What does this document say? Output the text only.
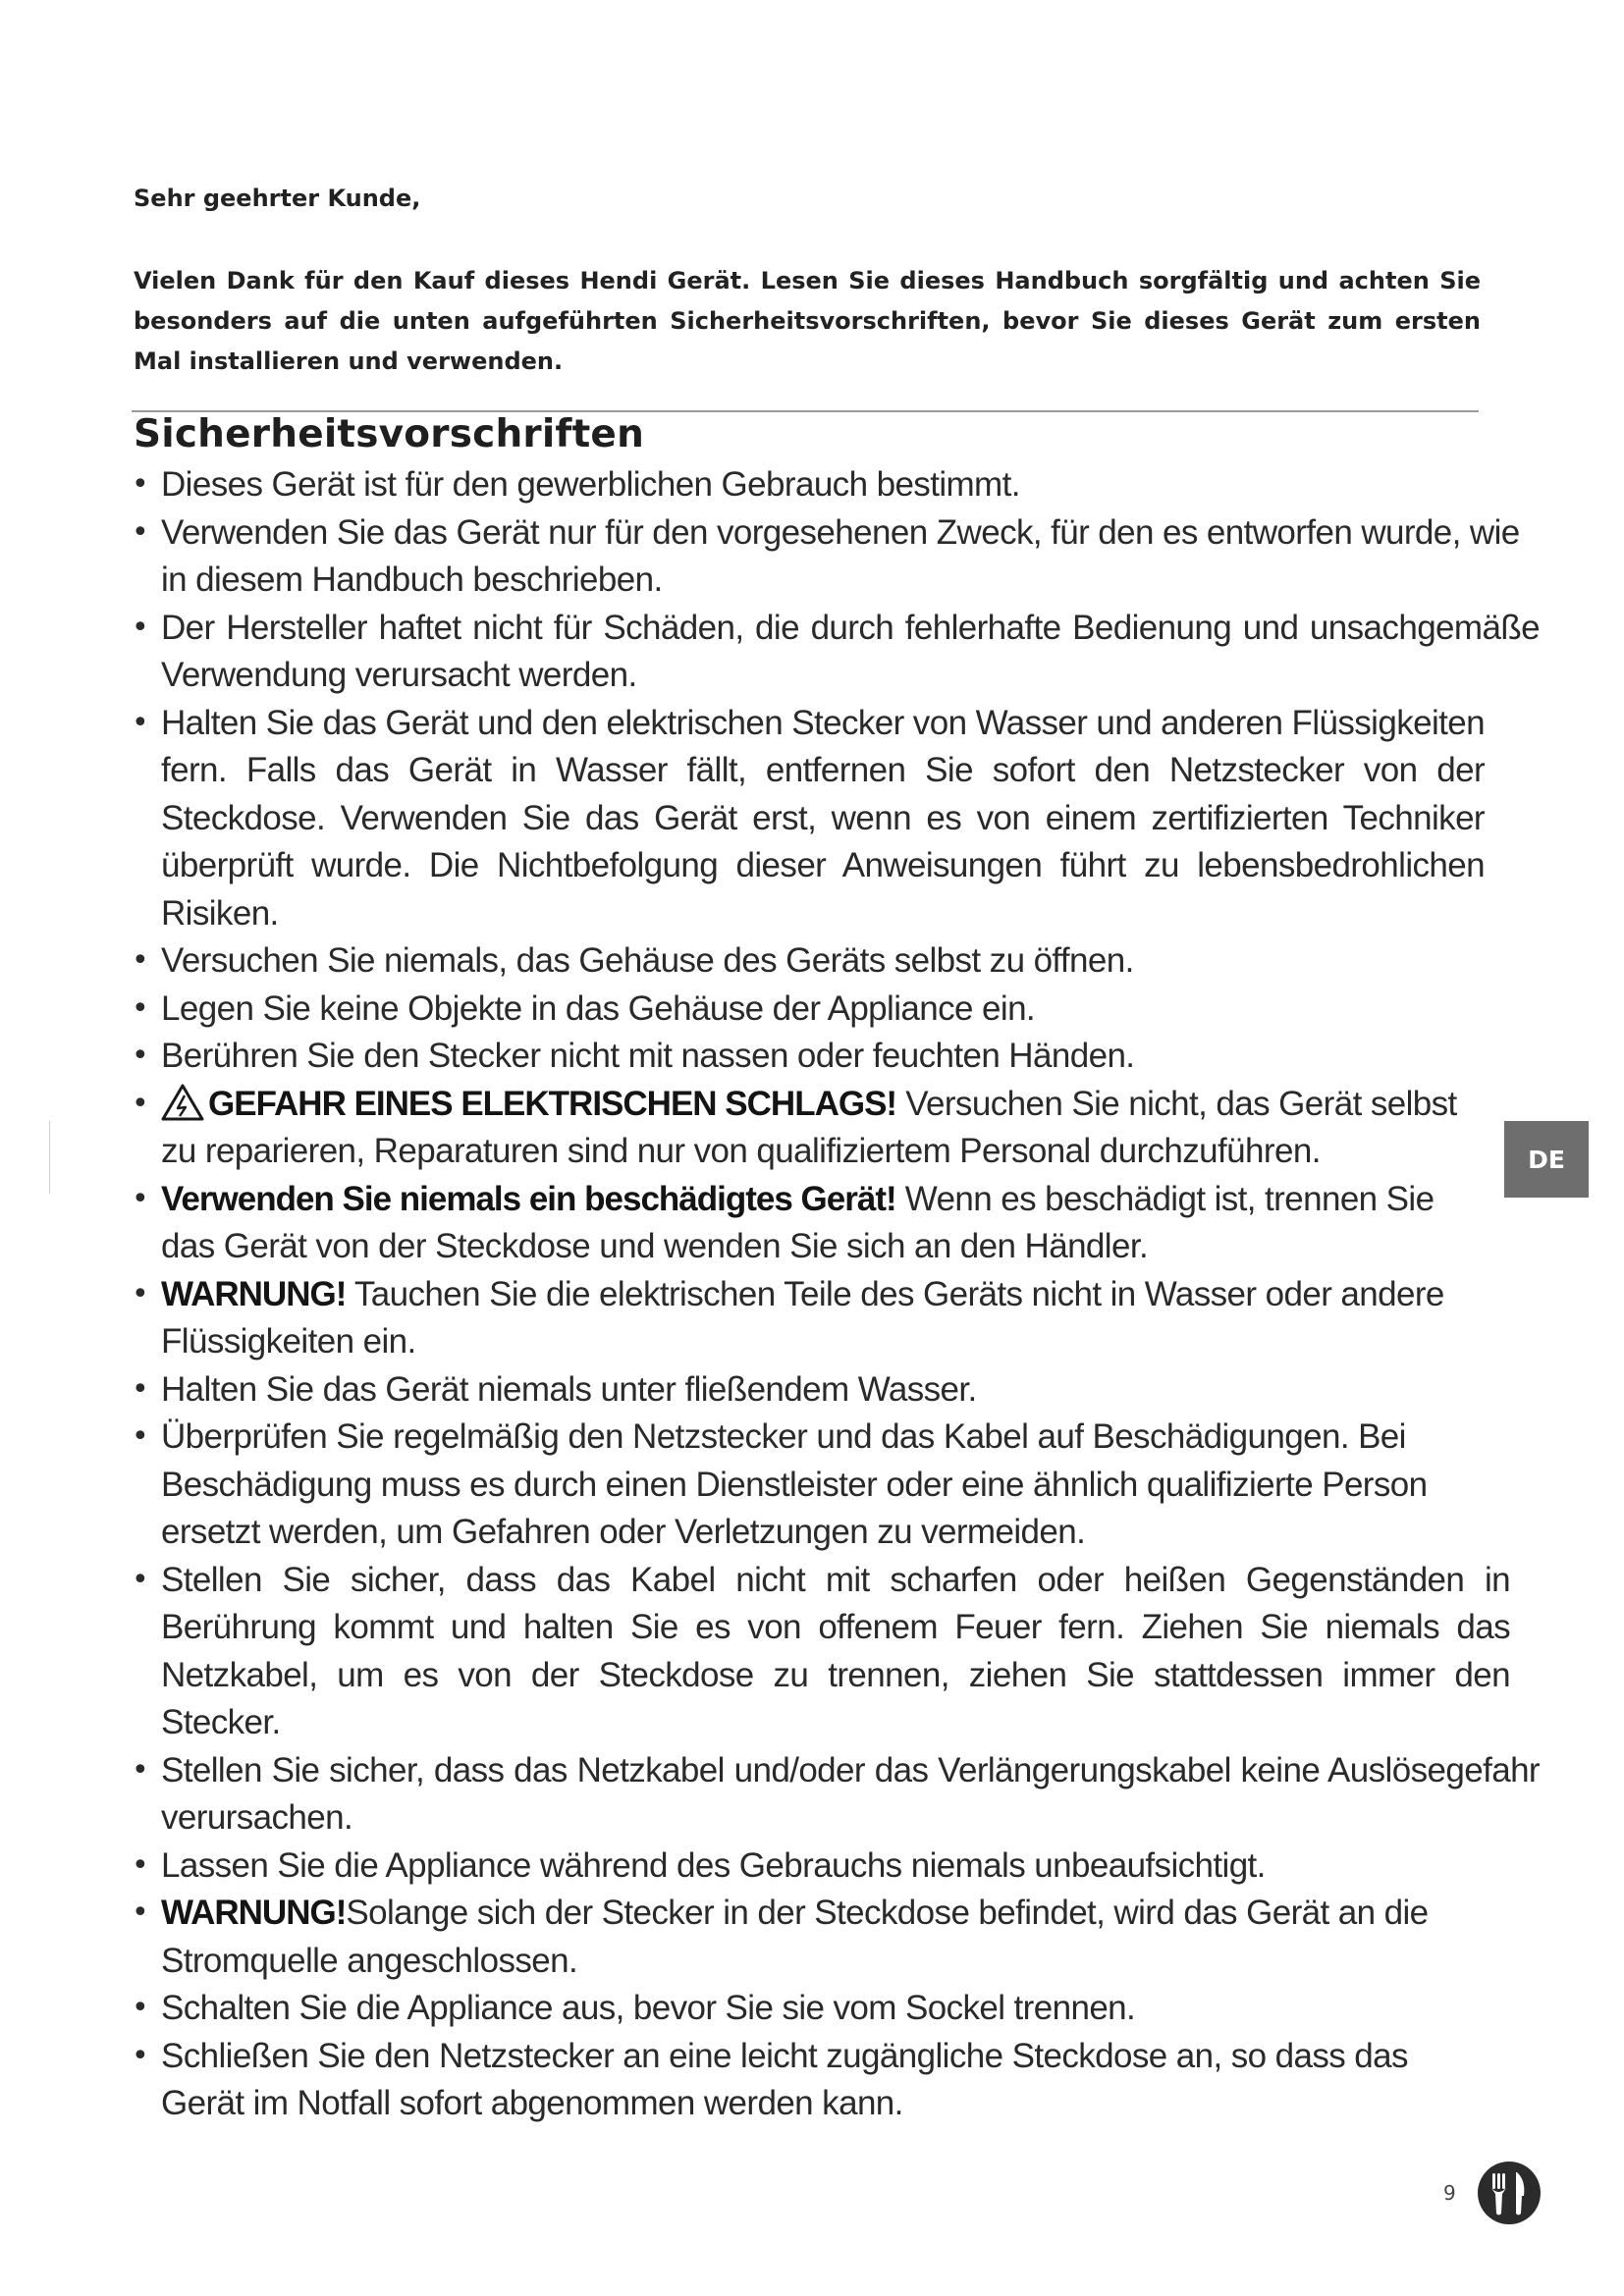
Sehr geehrter Kunde,
Vielen Dank für den Kauf dieses Hendi Gerät. Lesen Sie dieses Handbuch sorgfältig und achten Sie besonders auf die unten aufgeführten Sicherheitsvorschriften, bevor Sie dieses Gerät zum ersten Mal installieren und verwenden.
Sicherheitsvorschriften
• Dieses Gerät ist für den gewerblichen Gebrauch bestimmt.
• Verwenden Sie das Gerät nur für den vorgesehenen Zweck, für den es entworfen wurde, wie in diesem Handbuch beschrieben.
• Der Hersteller haftet nicht für Schäden, die durch fehlerhafte Bedienung und unsachgemäße Verwendung verursacht werden.
• Halten Sie das Gerät und den elektrischen Stecker von Wasser und anderen Flüssigkeiten fern. Falls das Gerät in Wasser fällt, entfernen Sie sofort den Netzstecker von der Steckdose. Verwenden Sie das Gerät erst, wenn es von einem zertifizierten Techniker überprüft wurde. Die Nichtbefolgung dieser Anweisungen führt zu lebensbedrohlichen Risiken.
• Versuchen Sie niemals, das Gehäuse des Geräts selbst zu öffnen.
• Legen Sie keine Objekte in das Gehäuse der Appliance ein.
• Berühren Sie den Stecker nicht mit nassen oder feuchten Händen.
• GEFAHR EINES ELEKTRISCHEN SCHLAGS! Versuchen Sie nicht, das Gerät selbst zu reparieren, Reparaturen sind nur von qualifiziertem Personal durchzuführen.
• Verwenden Sie niemals ein beschädigtes Gerät! Wenn es beschädigt ist, trennen Sie das Gerät von der Steckdose und wenden Sie sich an den Händler.
• WARNUNG! Tauchen Sie die elektrischen Teile des Geräts nicht in Wasser oder andere Flüssigkeiten ein.
• Halten Sie das Gerät niemals unter fließendem Wasser.
• Überprüfen Sie regelmäßig den Netzstecker und das Kabel auf Beschädigungen. Bei Beschädigung muss es durch einen Dienstleister oder eine ähnlich qualifizierte Person ersetzt werden, um Gefahren oder Verletzungen zu vermeiden.
• Stellen Sie sicher, dass das Kabel nicht mit scharfen oder heißen Gegenständen in Berührung kommt und halten Sie es von offenem Feuer fern. Ziehen Sie niemals das Netzkabel, um es von der Steckdose zu trennen, ziehen Sie stattdessen immer den Stecker.
• Stellen Sie sicher, dass das Netzkabel und/oder das Verlängerungskabel keine Auslösegefahr verursachen.
• Lassen Sie die Appliance während des Gebrauchs niemals unbeaufsichtigt.
• WARNUNG!Solange sich der Stecker in der Steckdose befindet, wird das Gerät an die Stromquelle angeschlossen.
• Schalten Sie die Appliance aus, bevor Sie sie vom Sockel trennen.
• Schließen Sie den Netzstecker an eine leicht zugängliche Steckdose an, so dass das Gerät im Notfall sofort abgenommen werden kann.
DE
9
